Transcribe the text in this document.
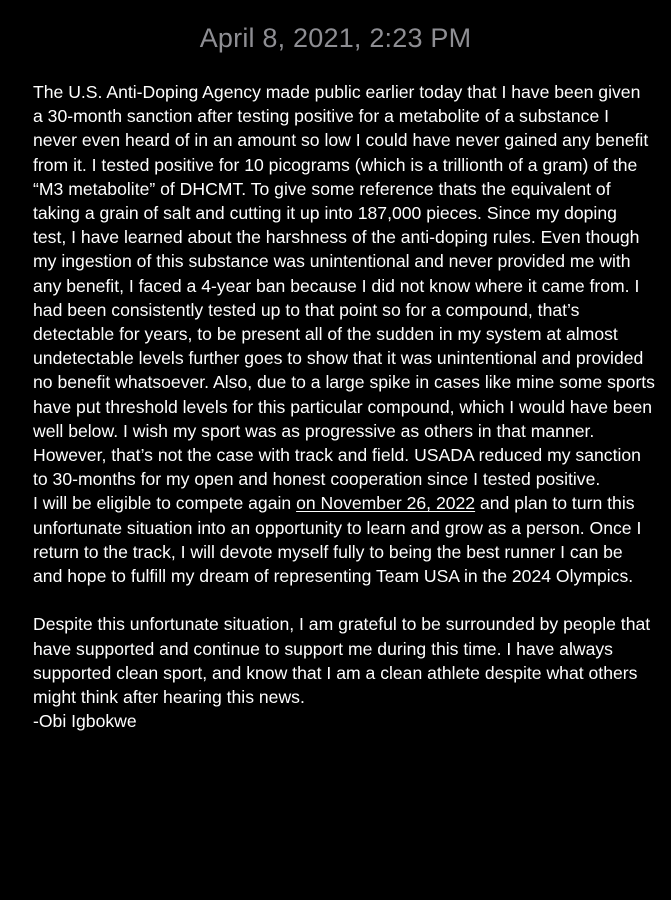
April 8, 2021, 2:23 PM

The U.S. Anti-Doping Agency made public earlier today that I have been given a 30-month sanction after testing positive for a metabolite of a substance I never even heard of in an amount so low I could have never gained any benefit from it. I tested positive for 10 picograms (which is a trillionth of a gram) of the “M3 metabolite” of DHCMT. To give some reference thats the equivalent of taking a grain of salt and cutting it up into 187,000 pieces. Since my doping test, I have learned about the harshness of the anti-doping rules. Even though my ingestion of this substance was unintentional and never provided me with any benefit, I faced a 4-year ban because I did not know where it came from. I had been consistently tested up to that point so for a compound, that’s detectable for years, to be present all of the sudden in my system at almost undetectable levels further goes to show that it was unintentional and provided no benefit whatsoever. Also, due to a large spike in cases like mine some sports have put threshold levels for this particular compound, which I would have been well below. I wish my sport was as progressive as others in that manner. However, that’s not the case with track and field. USADA reduced my sanction to 30-months for my open and honest cooperation since I tested positive.

I will be eligible to compete again on November 26, 2022 and plan to turn this unfortunate situation into an opportunity to learn and grow as a person. Once I return to the track, I will devote myself fully to being the best runner I can be and hope to fulfill my dream of representing Team USA in the 2024 Olympics.

Despite this unfortunate situation, I am grateful to be surrounded by people that have supported and continue to support me during this time. I have always supported clean sport, and know that I am a clean athlete despite what others might think after hearing this news.

-Obi Igbokwe
